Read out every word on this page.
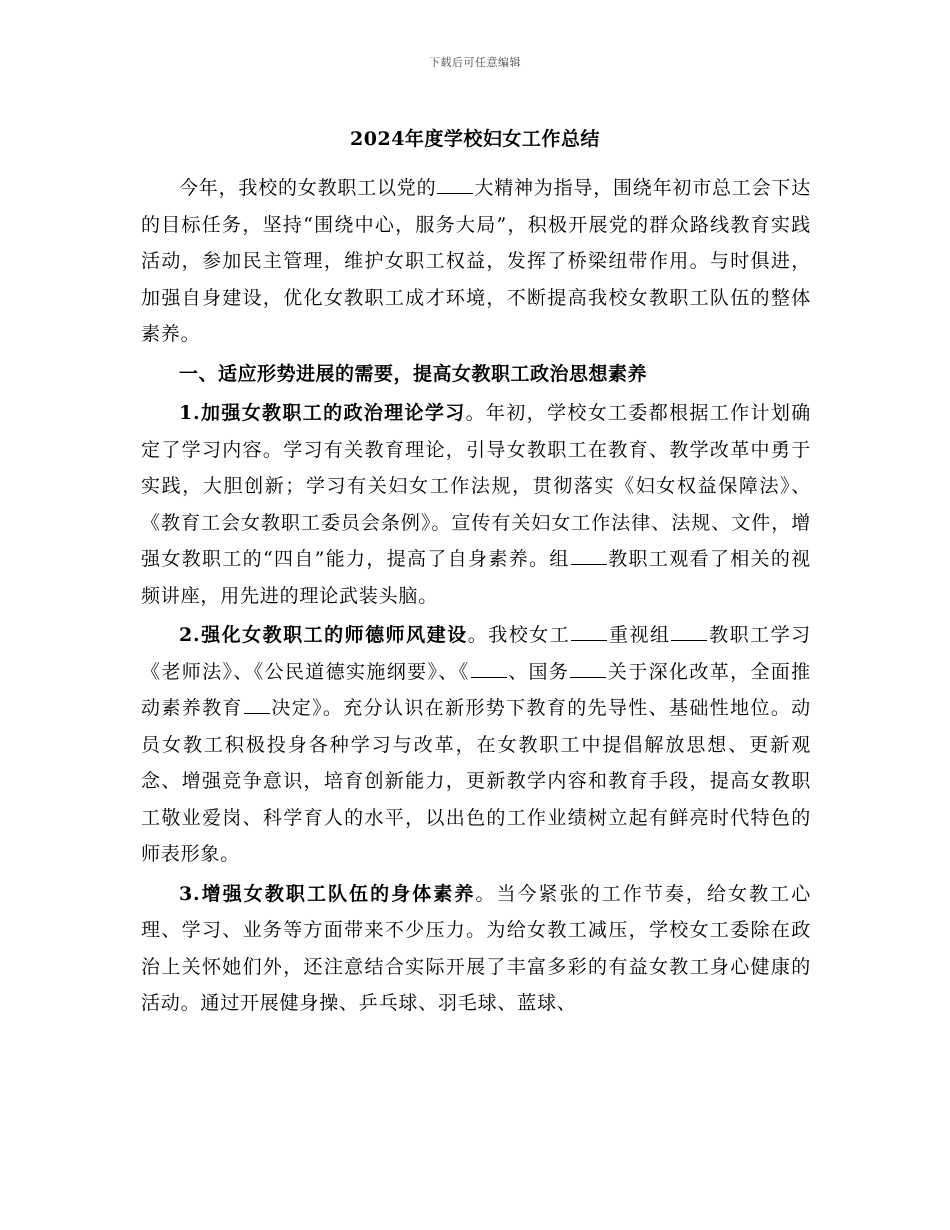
下载后可任意编辑
2024年度学校妇女工作总结

今年，我校的女教职工以党的 大精神为指导，围绕年初市总工会下达的目标任务，坚持“围绕中心，服务大局”，积极开展党的群众路线教育实践活动，参加民主管理，维护女职工权益，发挥了桥梁纽带作用。与时俱进，加强自身建设，优化女教职工成才环境，不断提高我校女教职工队伍的整体素养。

一、适应形势进展的需要，提高女教职工政治思想素养

1.加强女教职工的政治理论学习。年初，学校女工委都根据工作计划确定了学习内容。学习有关教育理论，引导女教职工在教育、教学改革中勇于实践，大胆创新；学习有关妇女工作法规，贯彻落实《妇女权益保障法》、《教育工会女教职工委员会条例》。宣传有关妇女工作法律、法规、文件，增强女教职工的“四自”能力，提高了自身素养。组 教职工观看了相关的视频讲座，用先进的理论武装头脑。

2.强化女教职工的师德师风建设。我校女工 重视组 教职工学习《老师法》、《公民道德实施纲要》、《 、国务 关于深化改革，全面推动素养教育 决定》。充分认识在新形势下教育的先导性、基础性地位。动员女教工积极投身各种学习与改革，在女教职工中提倡解放思想、更新观念、增强竞争意识，培育创新能力，更新教学内容和教育手段，提高女教职工敬业爱岗、科学育人的水平，以出色的工作业绩树立起有鲜亮时代特色的师表形象。

3.增强女教职工队伍的身体素养。当今紧张的工作节奏，给女教工心理、学习、业务等方面带来不少压力。为给女教工减压，学校女工委除在政治上关怀她们外，还注意结合实际开展了丰富多彩的有益女教工身心健康的活动。通过开展健身操、乒乓球、羽毛球、蓝球、
